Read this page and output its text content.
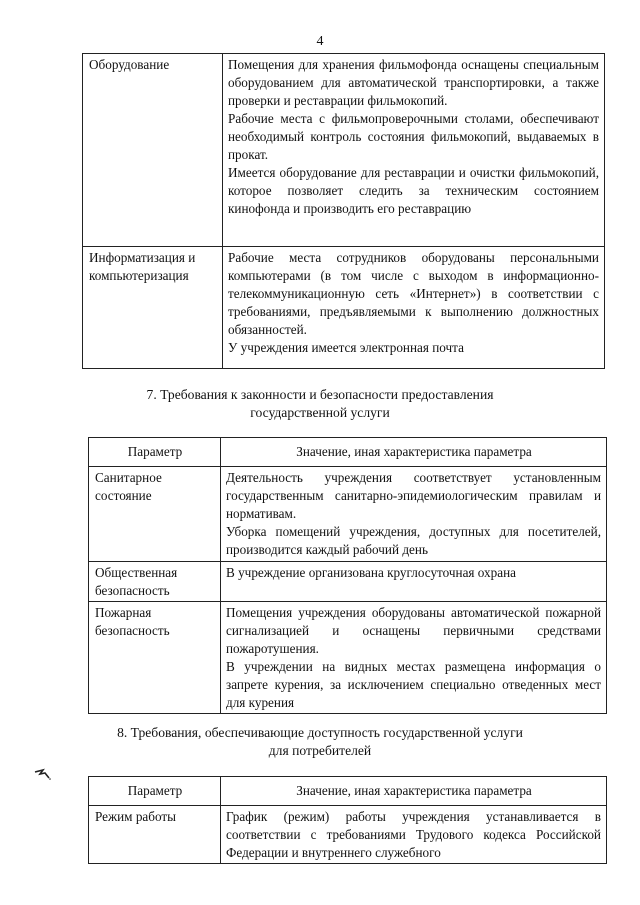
4
Оборудование	Помещения для хранения фильмофонда оснащены специальным оборудованием для автоматической транспортировки, а также проверки и реставрации фильмокопий.
Рабочие места с фильмопроверочными столами, обеспечивают необходимый контроль состояния фильмокопий, выдаваемых в прокат.
Имеется оборудование для реставрации и очистки фильмокопий, которое позволяет следить за техническим состоянием кинофонда и производить его реставрацию

Информатизация и компьютеризация	Рабочие места сотрудников оборудованы персональными компьютерами (в том числе с выходом в информационно-телекоммуникационную сеть «Интернет») в соответствии с требованиями, предъявляемыми к выполнению должностных обязанностей.
У учреждения имеется электронная почта
7. Требования к законности и безопасности предоставления
государственной услуги
Параметр	Значение, иная характеристика параметра
Санитарное состояние	Деятельность учреждения соответствует установленным государственным санитарно-эпидемиологическим правилам и нормативам.
Уборка помещений учреждения, доступных для посетителей, производится каждый рабочий день

Общественная безопасность	В учреждение организована круглосуточная охрана

Пожарная безопасность	Помещения учреждения оборудованы автоматической пожарной сигнализацией и оснащены первичными средствами пожаротушения.
В учреждении на видных местах размещена информация о запрете курения, за исключением специально отведенных мест для курения
8. Требования, обеспечивающие доступность государственной услуги
для потребителей
Параметр	Значение, иная характеристика параметра
Режим работы	График (режим) работы учреждения устанавливается в соответствии с требованиями Трудового кодекса Российской Федерации и внутреннего служебного
